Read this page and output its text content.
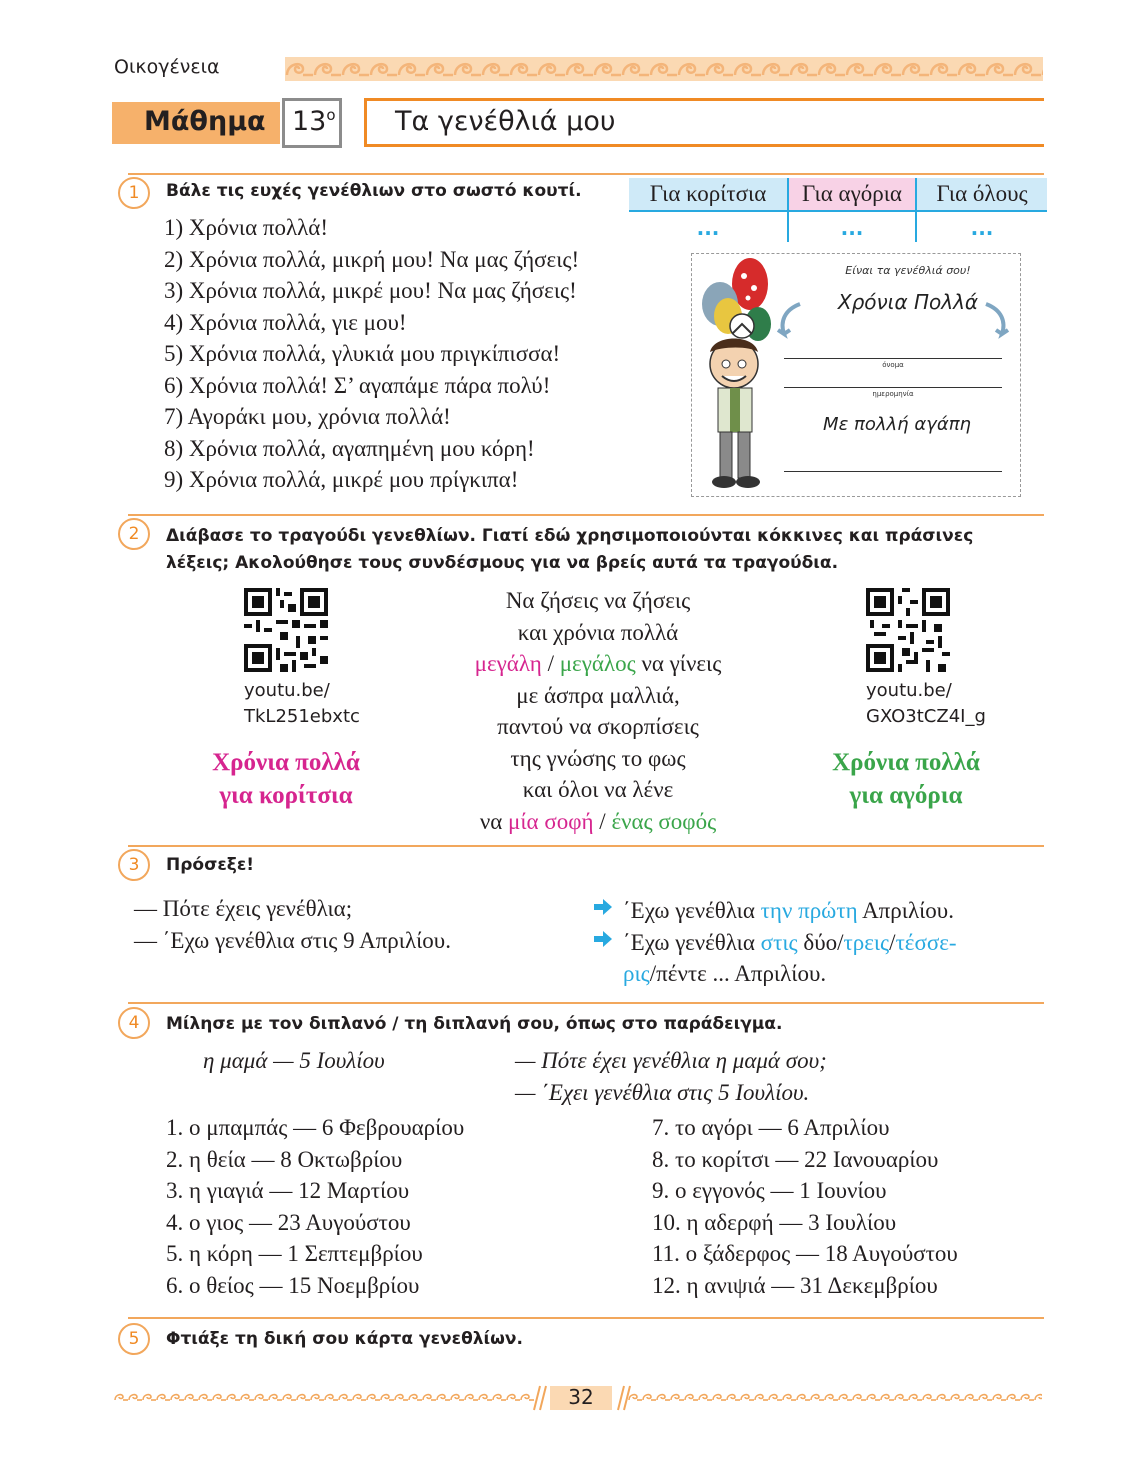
Οικογένεια
Μάθημα $13^o$ Τα γενέθλιά μου
1	Βάλε τις ευχές γενέθλιων στο σωστό κουτί.	Για κορίτσια	Για αγόρια	Για όλους
...	...	...
1) Χρόνια πολλά!
2) Χρόνια πολλά, μικρή μου! Να μας ζήσεις!
3) Χρόνια πολλά, μικρέ μου! Να μας ζήσεις!
4) Χρόνια πολλά, γιε μου!
5) Χρόνια πολλά, γλυκιά μου πριγκίπισσα!
6) Χρόνια πολλά! Σ’ αγαπάμε πάρα πολύ!
7) Αγοράκι μου, χρόνια πολλά!
8) Χρόνια πολλά, αγαπημένη μου κόρη!
9) Χρόνια πολλά, μικρέ μου πρίγκιπα!
Είναι τα γενέθλιά σου!
Χρόνια Πολλά
όνομα
ημερομηνία
Με πολλή αγάπη
2	Διάβασε το τραγούδι γενεθλίων. Γιατί εδώ χρησιμοποιούνται κόκκινες και πράσινες
λέξεις; Ακολούθησε τους συνδέσμους για να βρείς αυτά τα τραγούδια.
youtu.be/
TkL251ebxtc
Χρόνια πολλά
για κορίτσια
youtu.be/
GXO3tCZ4I_g
Χρόνια πολλά
για αγόρια
Να ζήσεις να ζήσεις
και χρόνια πολλά
μεγάλη / μεγάλος να γίνεις
με άσπρα μαλλιά,
παντού να σκορπίσεις
της γνώσης το φως
και όλοι να λένε
να μία σοφή / ένας σοφός
3	Πρόσεξε!
— Πότε έχεις γενέθλια;
— ΄Εχω γενέθλια στις 9 Απριλίου.
΄Εχω γενέθλια την πρώτη Απριλίου.
΄Εχω γενέθλια στις δύο/τρεις/τέσσε-
ρις/πέντε ... Απριλίου.
4	Μίλησε με τον διπλανό / τη διπλανή σου, όπως στο παράδειγμα.
η μαμά — 5 Ιουλίου	— Πότε έχει γενέθλια η μαμά σου;
— ΄Εχει γενέθλια στις 5 Ιουλίου.
1. ο μπαμπάς — 6 Φεβρουαρίου
2. η θεία — 8 Οκτωβρίου
3. η γιαγιά — 12 Μαρτίου
4. ο γιος — 23 Αυγούστου
5. η κόρη — 1 Σεπτεμβρίου
6. ο θείος — 15 Νοεμβρίου
7. το αγόρι — 6 Απριλίου
8. το κορίτσι — 22 Ιανουαρίου
9. ο εγγονός — 1 Ιουνίου
10. η αδερφή — 3 Ιουλίου
11. ο ξάδερφος — 18 Αυγούστου
12. η ανιψιά — 31 Δεκεμβρίου
5	Φτιάξε τη δική σου κάρτα γενεθλίων.
32
